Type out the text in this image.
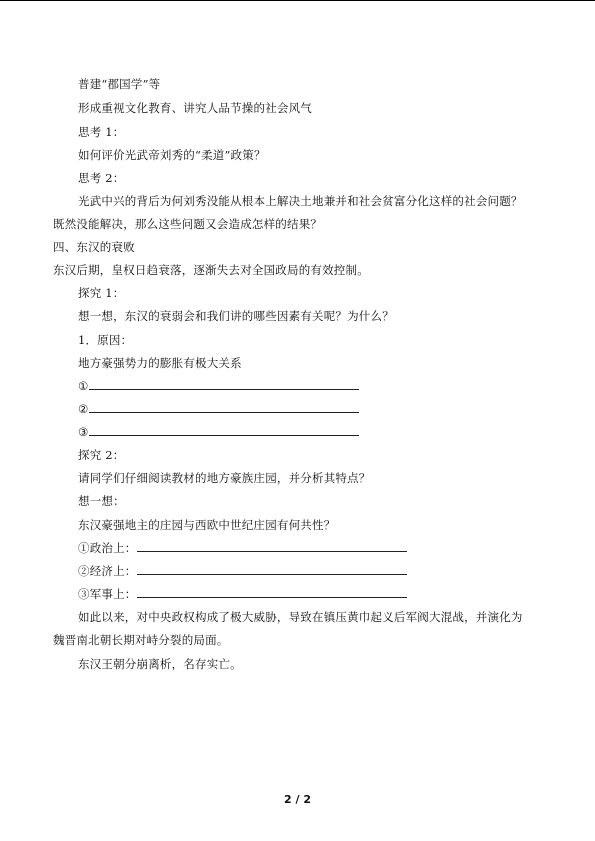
普建“郡国学”等
形成重视文化教育、讲究人品节操的社会风气
思考 1：
如何评价光武帝刘秀的“柔道”政策？
思考 2：
光武中兴的背后为何刘秀没能从根本上解决土地兼并和社会贫富分化这样的社会问题？
既然没能解决，那么这些问题又会造成怎样的结果？
四、东汉的衰败
东汉后期，皇权日趋衰落，逐渐失去对全国政局的有效控制。
探究 1：
想一想，东汉的衰弱会和我们讲的哪些因素有关呢？为什么？
1．原因：
地方豪强势力的膨胀有极大关系
①
②
③
探究 2：
请同学们仔细阅读教材的地方豪族庄园，并分析其特点？
想一想：
东汉豪强地主的庄园与西欧中世纪庄园有何共性？
①政治上：
②经济上：
③军事上：
如此以来，对中央政权构成了极大威胁，导致在镇压黄巾起义后军阀大混战，并演化为
魏晋南北朝长期对峙分裂的局面。
东汉王朝分崩离析，名存实亡。
2 / 2
